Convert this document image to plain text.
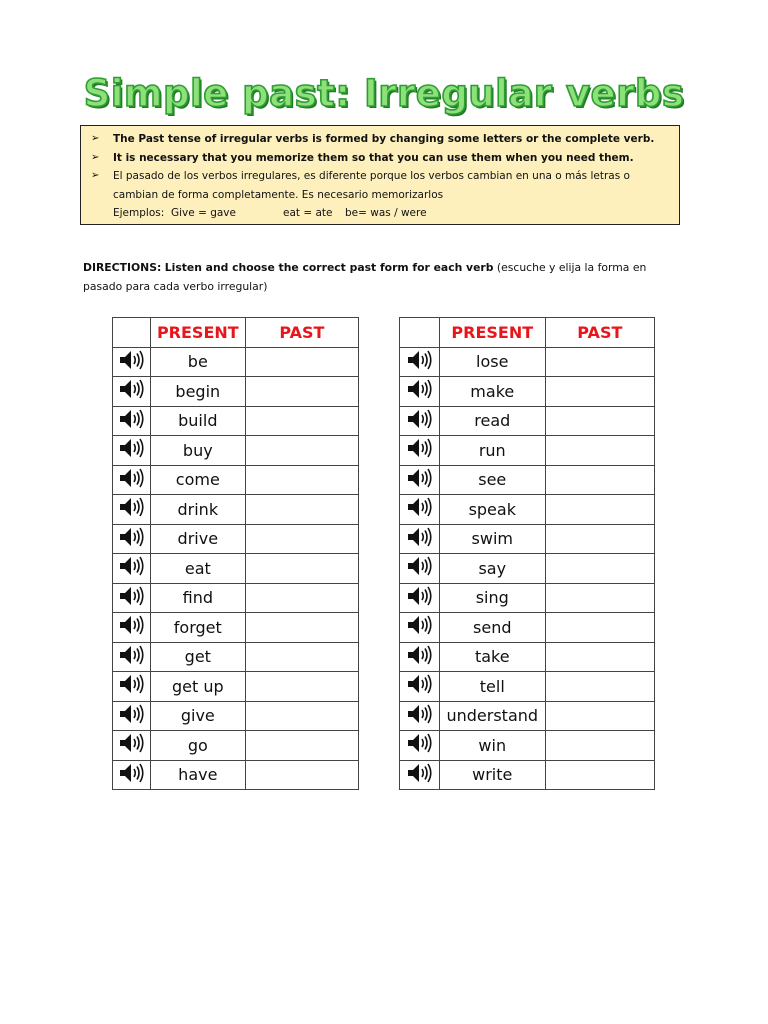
Simple past: Irregular verbs
➢	The Past tense of irregular verbs is formed by changing some letters or the complete verb.
➢	It is necessary that you memorize them so that you can use them when you need them.
➢	El pasado de los verbos irregulares, es diferente porque los verbos cambian en una o más letras o
cambian de forma completamente. Es necesario memorizarlos
Ejemplos: Give = gave	eat = ate	be= was / were
DIRECTIONS: Listen and choose the correct past form for each verb (escuche y elija la forma en
pasado para cada verbo irregular)
	PRESENT	PAST
	be	
	begin	
	build	
	buy	
	come	
	drink	
	drive	
	eat	
	find	
	forget	
	get	
	get up	
	give	
	go	
	have	
	PRESENT	PAST
	lose	
	make	
	read	
	run	
	see	
	speak	
	swim	
	say	
	sing	
	send	
	take	
	tell	
	understand	
	win	
	write	
